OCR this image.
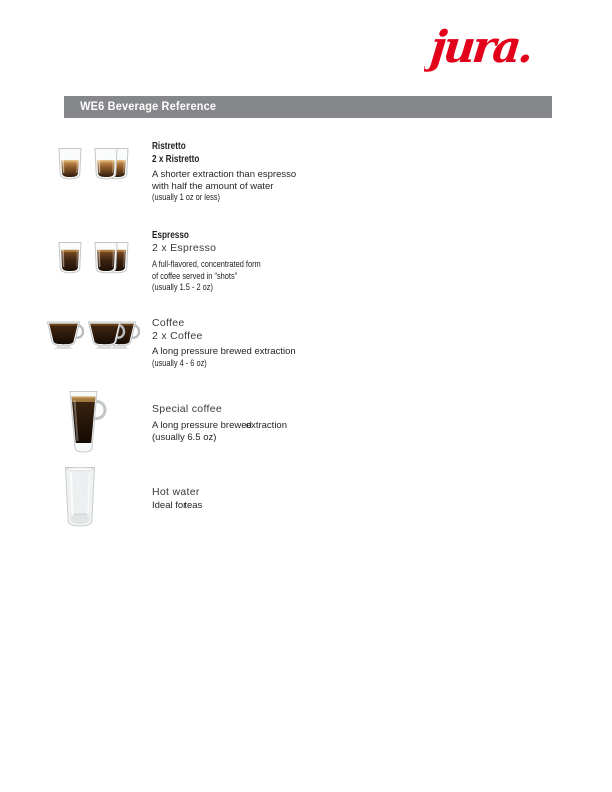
jura.
WE6 Beverage Reference
Ristretto
2 x Ristretto
A shorter extraction than espresso
with half the amount of water
(usually 1 oz or less)
Espresso
2 x Espresso
A full-flavored, concentrated form
of coffee served in “shots”
(usually 1.5 - 2 oz)
Coffee
2 x Coffee
A long pressure brewed extraction
(usually 4 - 6 oz)
Special coffee
A long pressure brewedextraction
(usually 6.5 oz)
Hot water
Ideal forteas
